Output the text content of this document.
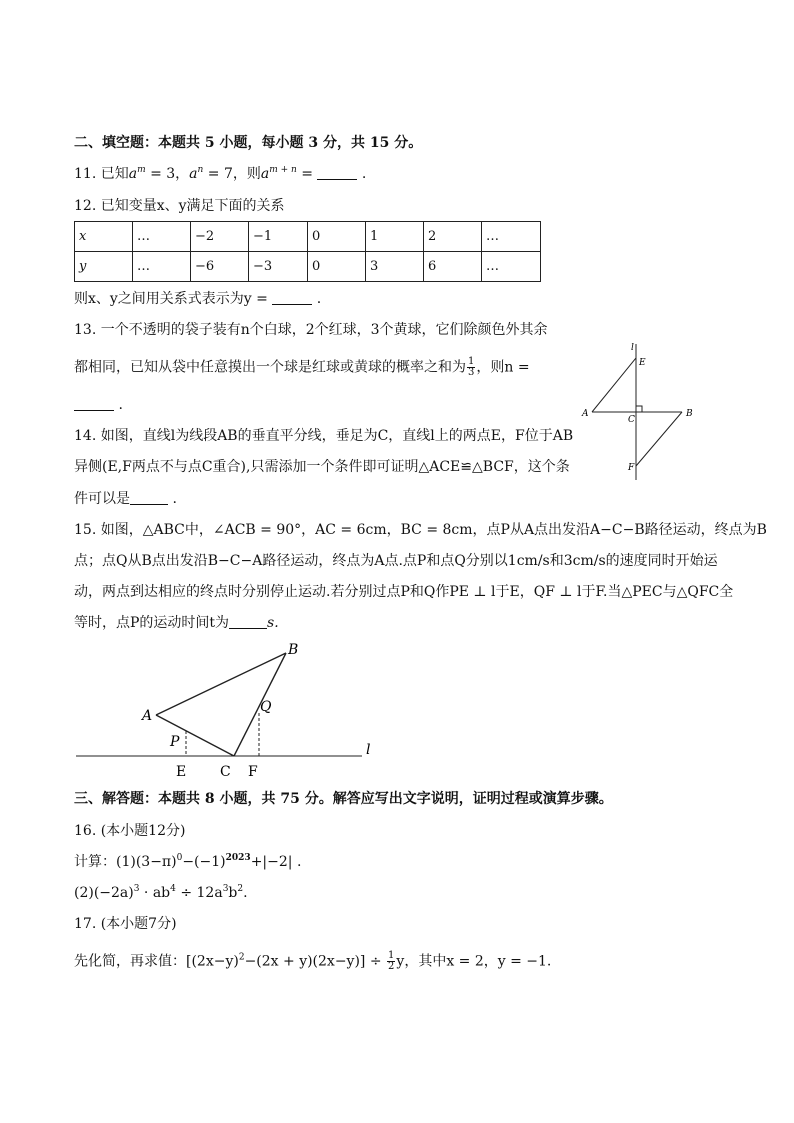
二、填空题：本题共 5 小题，每小题 3 分，共 15 分。
11. 已知$a^m = 3$，$a^n = 7$，则$a^{m + n}$ =	.
12. 已知变量x、y满足下面的关系
x	…	−2	−1	0	1	2	…
y	…	−6	−3	0	3	6	…
则x、y之间用关系式表示为y =	.
13. 一个不透明的袋子装有n个白球，2个红球，3个黄球，它们除颜色外其余
都相同，已知从袋中任意摸出一个球是红球或黄球的概率之和为 $\frac{1}{3}$ ，则n =
.
14. 如图，直线l为线段AB的垂直平分线，垂足为C，直线l上的两点E，F位于AB
异侧(E,F两点不与点C重合),只需添加一个条件即可证明△ACE≌△BCF，这个条
件可以是	.
l
E
A
C
B
F
15. 如图，△ABC中，∠ACB = 90°，AC = 6cm，BC = 8cm，点P从A点出发沿A−C−B路径运动，终点为B
点；点Q从B点出发沿B−C−A路径运动，终点为A点.点P和点Q分别以1cm/s和3cm/s的速度同时开始运
动，两点到达相应的终点时分别停止运动.若分别过点P和Q作PE ⊥ l于E，QF ⊥ l于F.当△PEC与△QFC全
等时，点P的运动时间t为	s.
B
A
Q
P	l
E C F
三、解答题：本题共 8 小题，共 75 分。解答应写出文字说明，证明过程或演算步骤。
16. (本小题12分)
计算：$(1)(3-\pi)^0-(-1)^{2023}+|-2|$ .
$(2)(-2a)^3 \cdot ab^4 \div 12a^3b^2$.
17. (本小题7分)
先化简，再求值：$[(2x-y)^2-(2x + y)(2x-y)] \div \frac{1}{2}$ y，其中x = 2，y = −1.
